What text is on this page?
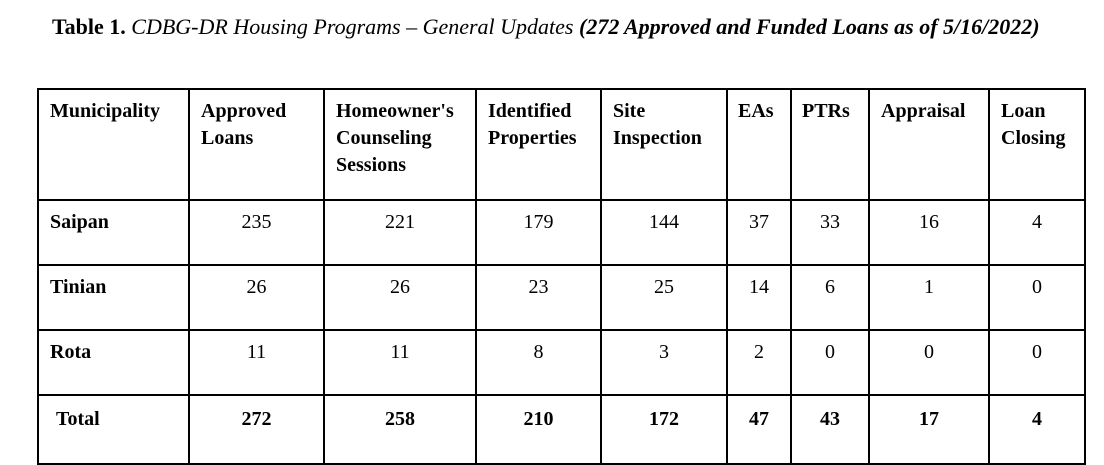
Table 1. CDBG-DR Housing Programs – General Updates (272 Approved and Funded Loans as of 5/16/2022)
Municipality	Approved Loans	Homeowner's Counseling Sessions	Identified Properties	Site Inspection	EAs	PTRs	Appraisal	Loan Closing
Saipan	235	221	179	144	37	33	16	4
Tinian	26	26	23	25	14	6	1	0
Rota	11	11	8	3	2	0	0	0
Total	272	258	210	172	47	43	17	4
